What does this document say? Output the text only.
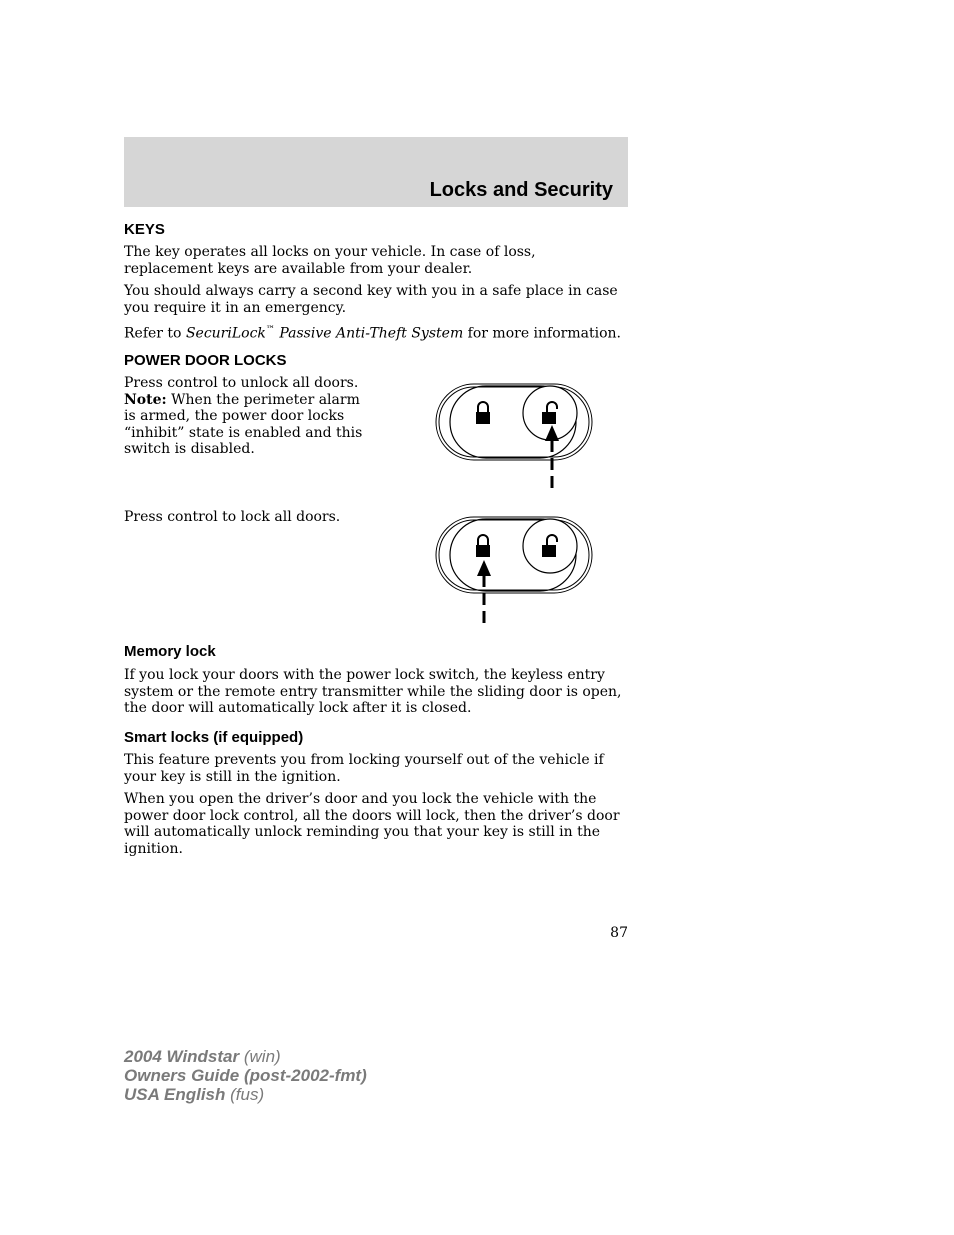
Locks and Security
KEYS

The key operates all locks on your vehicle. In case of loss, replacement keys are available from your dealer.

You should always carry a second key with you in a safe place in case you require it in an emergency.

Refer to SecuriLock™ Passive Anti-Theft System for more information.

POWER DOOR LOCKS

Press control to unlock all doors.
Note: When the perimeter alarm is armed, the power door locks “inhibit” state is enabled and this switch is disabled.

Press control to lock all doors.

Memory lock

If you lock your doors with the power lock switch, the keyless entry system or the remote entry transmitter while the sliding door is open, the door will automatically lock after it is closed.

Smart locks (if equipped)

This feature prevents you from locking yourself out of the vehicle if your key is still in the ignition.

When you open the driver’s door and you lock the vehicle with the power door lock control, all the doors will lock, then the driver’s door will automatically unlock reminding you that your key is still in the ignition.

87
2004 Windstar (win)
Owners Guide (post-2002-fmt)
USA English (fus)
